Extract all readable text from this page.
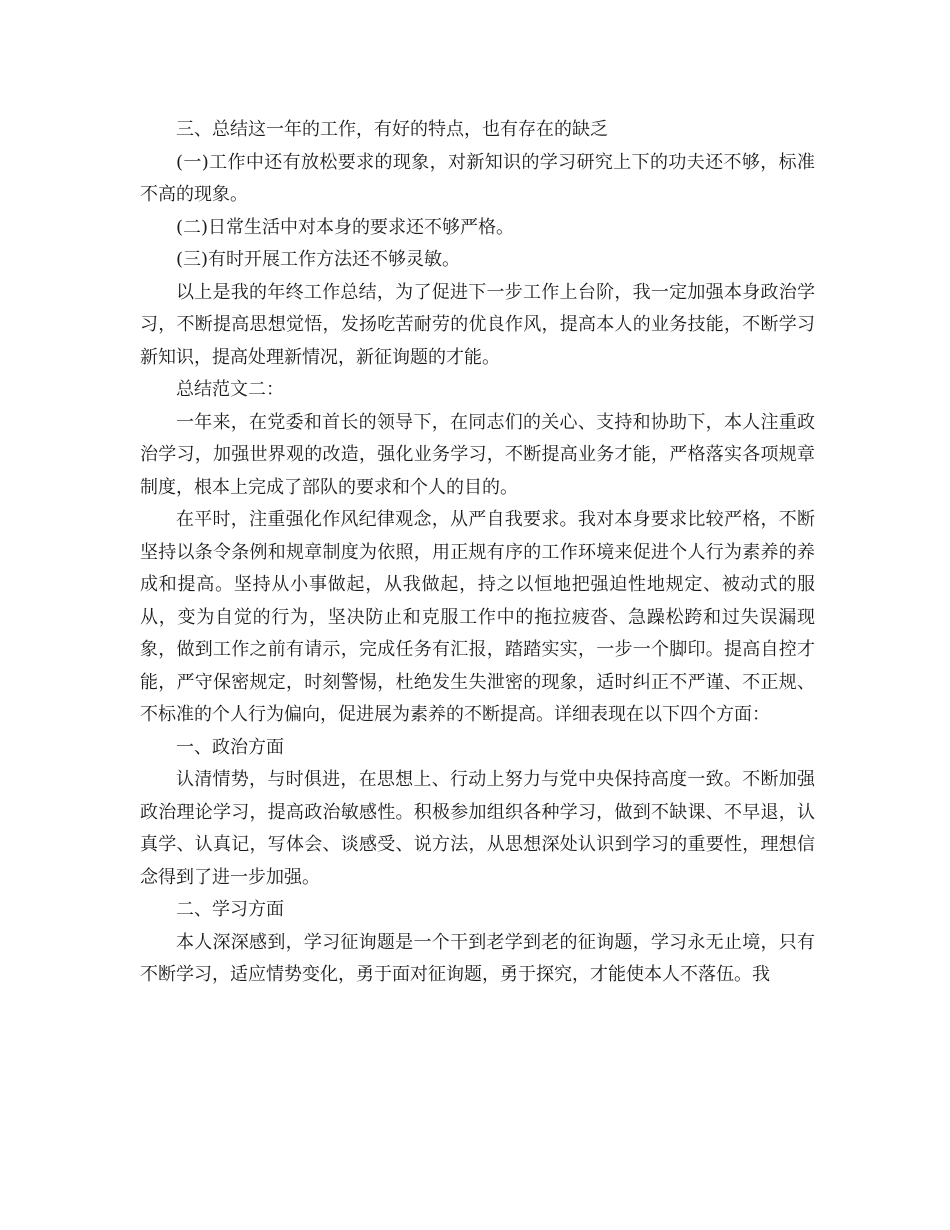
三、总结这一年的工作，有好的特点，也有存在的缺乏

(一)工作中还有放松要求的现象，对新知识的学习研究上下的功夫还不够，标准不高的现象。

(二)日常生活中对本身的要求还不够严格。

(三)有时开展工作方法还不够灵敏。

以上是我的年终工作总结，为了促进下一步工作上台阶，我一定加强本身政治学习，不断提高思想觉悟，发扬吃苦耐劳的优良作风，提高本人的业务技能，不断学习新知识，提高处理新情况，新征询题的才能。

总结范文二：

一年来，在党委和首长的领导下，在同志们的关心、支持和协助下，本人注重政治学习，加强世界观的改造，强化业务学习，不断提高业务才能，严格落实各项规章制度，根本上完成了部队的要求和个人的目的。

在平时，注重强化作风纪律观念，从严自我要求。我对本身要求比较严格，不断坚持以条令条例和规章制度为依照，用正规有序的工作环境来促进个人行为素养的养成和提高。坚持从小事做起，从我做起，持之以恒地把强迫性地规定、被动式的服从，变为自觉的行为，坚决防止和克服工作中的拖拉疲沓、急躁松跨和过失误漏现象，做到工作之前有请示，完成任务有汇报，踏踏实实，一步一个脚印。提高自控才能，严守保密规定，时刻警惕，杜绝发生失泄密的现象，适时纠正不严谨、不正规、不标准的个人行为偏向，促进展为素养的不断提高。详细表现在以下四个方面：

一、政治方面

认清情势，与时俱进，在思想上、行动上努力与党中央保持高度一致。不断加强政治理论学习，提高政治敏感性。积极参加组织各种学习，做到不缺课、不早退，认真学、认真记，写体会、谈感受、说方法，从思想深处认识到学习的重要性，理想信念得到了进一步加强。

二、学习方面

本人深深感到，学习征询题是一个干到老学到老的征询题，学习永无止境，只有不断学习，适应情势变化，勇于面对征询题，勇于探究，才能使本人不落伍。我
